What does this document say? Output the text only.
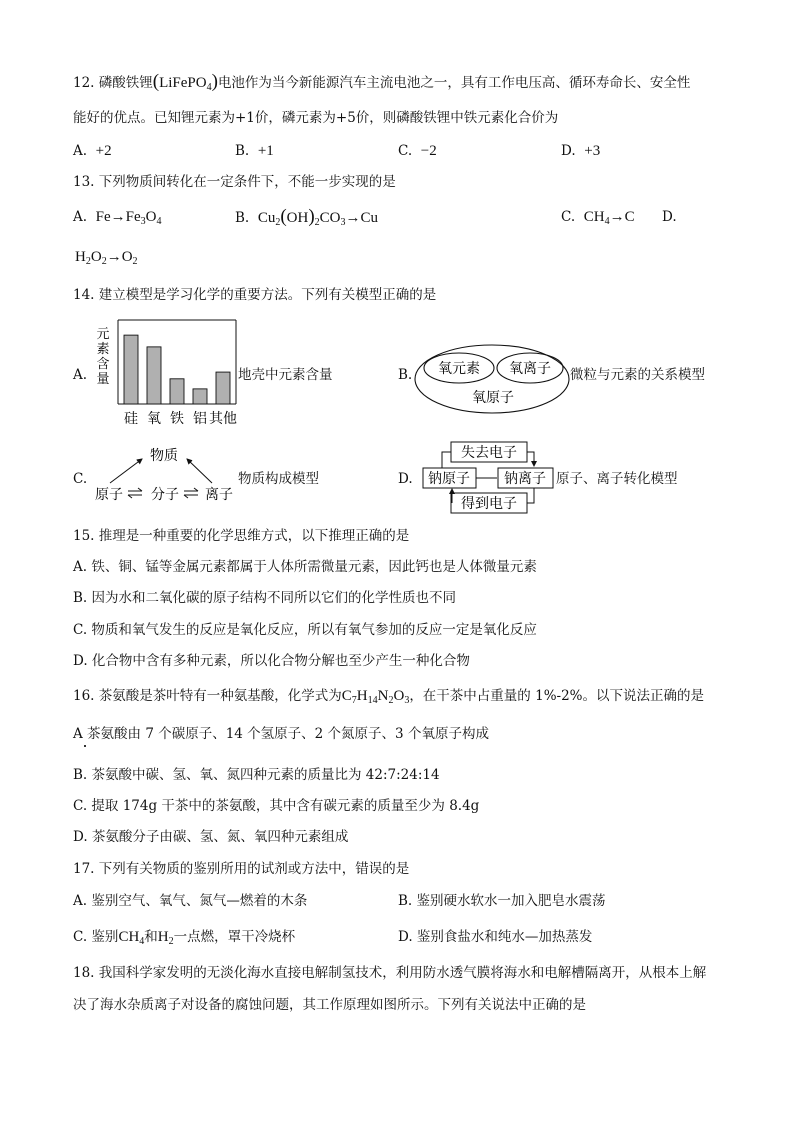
12. 磷酸铁锂(LiFePO$_4$)电池作为当今新能源汽车主流电池之一，具有工作电压高、循环寿命长、安全性
能好的优点。已知锂元素为+1价，磷元素为+5价，则磷酸铁锂中铁元素化合价为
A. +2	B. +1	C. −2	D. +3
13. 下列物质间转化在一定条件下，不能一步实现的是
A. $Fe\to Fe_3O_4$	B. $Cu_2(OH)_2CO_3\to Cu$	C. $CH_4\to C$ D.
$H_2O_2\to O_2$
14. 建立模型是学习化学的重要方法。下列有关模型正确的是
A.
元
素
含
量
硅 氧 铁 铝 其他
地壳中元素含量	B. 氧元素 氧离子
氧原子
微粒与元素的关系模型
C.
物质
原子 分子 离子
物质构成模型	D.
失去电子
钠原子 钠离子
得到电子
原子、离子转化模型
15. 推理是一种重要的化学思维方式，以下推理正确的是
A. 铁、铜、锰等金属元素都属于人体所需微量元素，因此钙也是人体微量元素
B. 因为水和二氧化碳的原子结构不同所以它们的化学性质也不同
C. 物质和氧气发生的反应是氧化反应，所以有氧气参加的反应一定是氧化反应
D. 化合物中含有多种元素，所以化合物分解也至少产生一种化合物
16. 茶氨酸是茶叶特有一种氨基酸，化学式为$C_7H_{14}N_2O_3$，在干茶中占重量的 1%-2%。以下说法正确的是
A 茶氨酸由 7 个碳原子、14 个氢原子、2 个氮原子、3 个氧原子构成
B. 茶氨酸中碳、氢、氧、氮四种元素的质量比为 42:7:24:14
C. 提取 174g 干茶中的茶氨酸，其中含有碳元素的质量至少为 8.4g
D. 茶氨酸分子由碳、氢、氮、氧四种元素组成
17. 下列有关物质的鉴别所用的试剂或方法中，错误的是
A. 鉴别空气、氧气、氮气—燃着的木条	B. 鉴别硬水软水一加入肥皂水震荡
C. 鉴别$CH_4$和$H_2$一点燃，罩干冷烧杯	D. 鉴别食盐水和纯水—加热蒸发
18. 我国科学家发明的无淡化海水直接电解制氢技术，利用防水透气膜将海水和电解槽隔离开，从根本上解
决了海水杂质离子对设备的腐蚀问题，其工作原理如图所示。下列有关说法中正确的是
